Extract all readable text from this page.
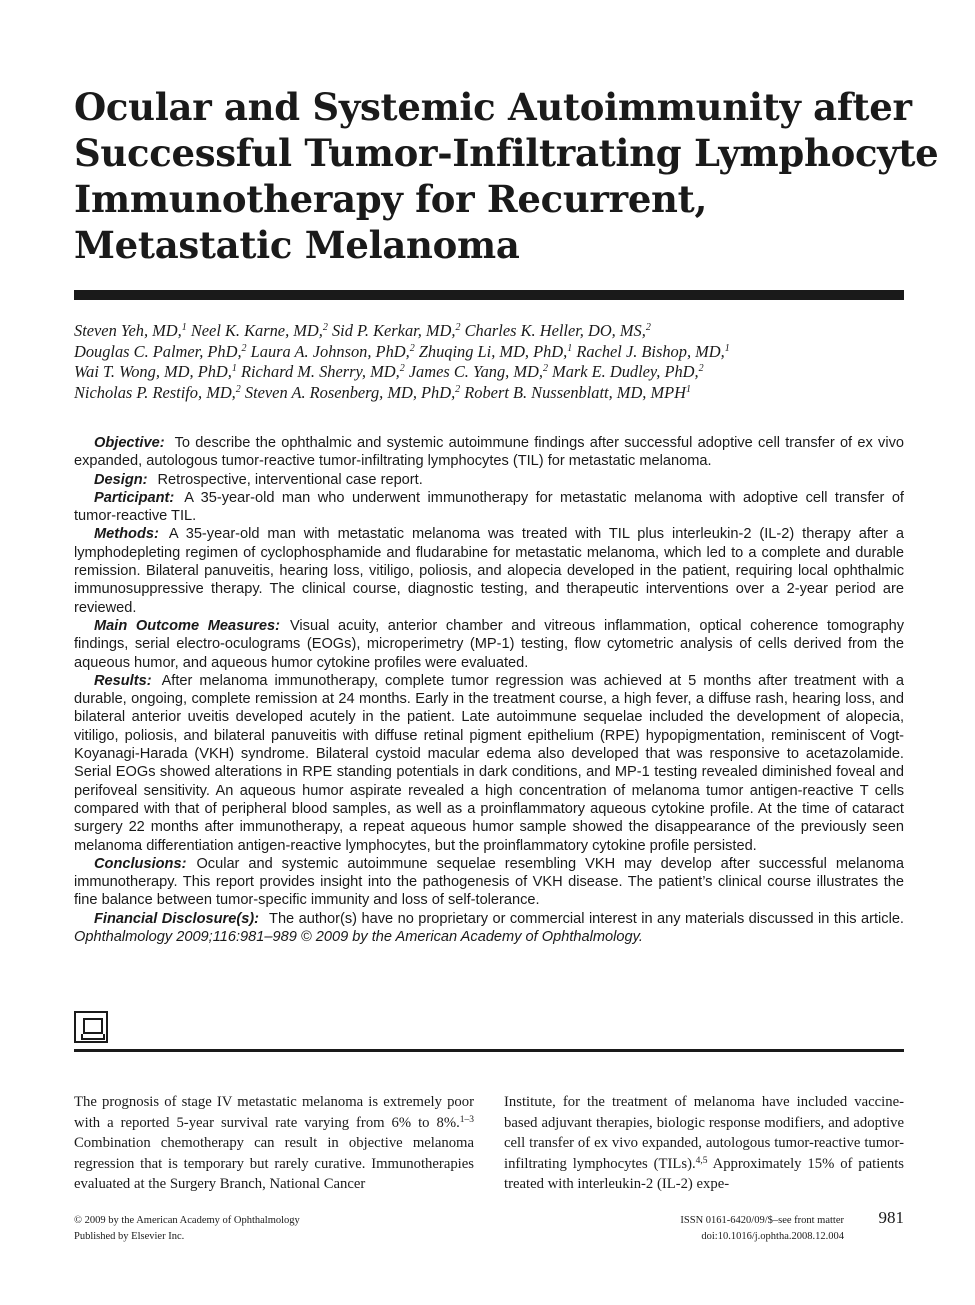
Ocular and Systemic Autoimmunity after
Successful Tumor-Infiltrating Lymphocyte
Immunotherapy for Recurrent,
Metastatic Melanoma
Steven Yeh, MD,$^1$ Neel K. Karne, MD,$^2$ Sid P. Kerkar, MD,$^2$ Charles K. Heller, DO, MS,$^2$
Douglas C. Palmer, PhD,$^2$ Laura A. Johnson, PhD,$^2$ Zhuqing Li, MD, PhD,$^1$ Rachel J. Bishop, MD,$^1$
Wai T. Wong, MD, PhD,$^1$ Richard M. Sherry, MD,$^2$ James C. Yang, MD,$^2$ Mark E. Dudley, PhD,$^2$
Nicholas P. Restifo, MD,$^2$ Steven A. Rosenberg, MD, PhD,$^2$ Robert B. Nussenblatt, MD, MPH$^1$

Objective: To describe the ophthalmic and systemic autoimmune findings after successful adoptive cell transfer of ex vivo expanded, autologous tumor-reactive tumor-infiltrating lymphocytes (TIL) for metastatic melanoma.

Design: Retrospective, interventional case report.

Participant: A 35-year-old man who underwent immunotherapy for metastatic melanoma with adoptive cell transfer of tumor-reactive TIL.

Methods: A 35-year-old man with metastatic melanoma was treated with TIL plus interleukin-2 (IL-2) therapy after a lymphodepleting regimen of cyclophosphamide and fludarabine for metastatic melanoma, which led to a complete and durable remission. Bilateral panuveitis, hearing loss, vitiligo, poliosis, and alopecia developed in the patient, requiring local ophthalmic immunosuppressive therapy. The clinical course, diagnostic testing, and therapeutic interventions over a 2-year period are reviewed.

Main Outcome Measures: Visual acuity, anterior chamber and vitreous inflammation, optical coherence tomography findings, serial electro-oculograms (EOGs), microperimetry (MP-1) testing, flow cytometric analysis of cells derived from the aqueous humor, and aqueous humor cytokine profiles were evaluated.

Results: After melanoma immunotherapy, complete tumor regression was achieved at 5 months after treatment with a durable, ongoing, complete remission at 24 months. Early in the treatment course, a high fever, a diffuse rash, hearing loss, and bilateral anterior uveitis developed acutely in the patient. Late autoimmune sequelae included the development of alopecia, vitiligo, poliosis, and bilateral panuveitis with diffuse retinal pigment epithelium (RPE) hypopigmentation, reminiscent of Vogt-Koyanagi-Harada (VKH) syndrome. Bilateral cystoid macular edema also developed that was responsive to acetazolamide. Serial EOGs showed alterations in RPE standing potentials in dark conditions, and MP-1 testing revealed diminished foveal and perifoveal sensitivity. An aqueous humor aspirate revealed a high concentration of melanoma tumor antigen-reactive T cells compared with that of peripheral blood samples, as well as a proinflammatory aqueous cytokine profile. At the time of cataract surgery 22 months after immunotherapy, a repeat aqueous humor sample showed the disappearance of the previously seen melanoma differentiation antigen-reactive lymphocytes, but the proinflammatory cytokine profile persisted.

Conclusions: Ocular and systemic autoimmune sequelae resembling VKH may develop after successful melanoma immunotherapy. This report provides insight into the pathogenesis of VKH disease. The patient’s clinical course illustrates the fine balance between tumor-specific immunity and loss of self-tolerance.

Financial Disclosure(s): The author(s) have no proprietary or commercial interest in any materials discussed in this article. Ophthalmology 2009;116:981–989 © 2009 by the American Academy of Ophthalmology.

The prognosis of stage IV metastatic melanoma is extremely poor with a reported 5-year survival rate varying from 6% to 8%.$^{1-3}$ Combination chemotherapy can result in objective melanoma regression that is temporary but rarely curative. Immunotherapies evaluated at the Surgery Branch, National Cancer
Institute, for the treatment of melanoma have included vaccine-based adjuvant therapies, biologic response modifiers, and adoptive cell transfer of ex vivo expanded, autologous tumor-reactive tumor-infiltrating lymphocytes (TILs).$^{4,5}$ Approximately 15% of patients treated with interleukin-2 (IL-2) expe-
© 2009 by the American Academy of Ophthalmology
Published by Elsevier Inc.
ISSN 0161-6420/09/$–see front matter
doi:10.1016/j.ophtha.2008.12.004
981
